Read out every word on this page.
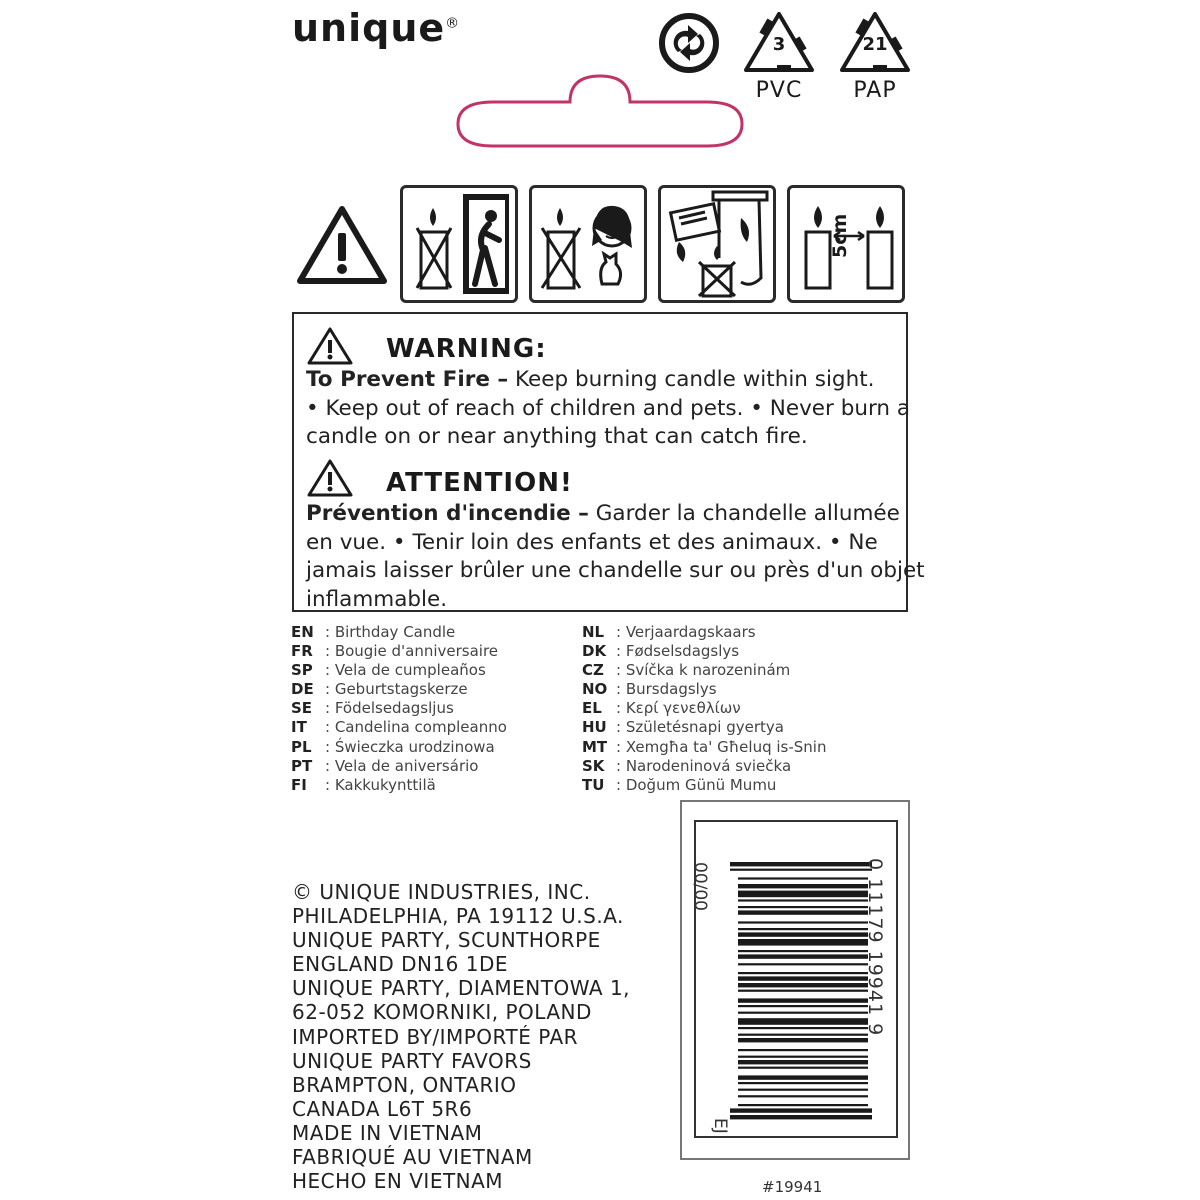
unique®
3
PVC
21
PAP
5cm
WARNING:
To Prevent Fire – Keep burning candle within sight.
• Keep out of reach of children and pets. • Never burn a
candle on or near anything that can catch fire.
ATTENTION!
Prévention d'incendie – Garder la chandelle allumée
en vue. • Tenir loin des enfants et des animaux. • Ne
jamais laisser brûler une chandelle sur ou près d'un objet
inflammable.
EN : Birthday Candle
FR : Bougie d'anniversaire
SP : Vela de cumpleaños
DE : Geburtstagskerze
SE : Födelsedagsljus
IT : Candelina compleanno
PL : Świeczka urodzinowa
PT : Vela de aniversário
FI : Kakkukynttilä
NL : Verjaardagskaars
DK : Fødselsdagslys
CZ : Svíčka k narozeninám
NO : Bursdagslys
EL : Κερί γενεθλίων
HU : Születésnapi gyertya
MT : Xemgħa ta' Għeluq is-Snin
SK : Narodeninová sviečka
TU : Doğum Günü Mumu
© UNIQUE INDUSTRIES, INC.
PHILADELPHIA, PA 19112 U.S.A.
UNIQUE PARTY, SCUNTHORPE
ENGLAND DN16 1DE
UNIQUE PARTY, DIAMENTOWA 1,
62-052 KOMORNIKI, POLAND
IMPORTED BY/IMPORTÉ PAR
UNIQUE PARTY FAVORS
BRAMPTON, ONTARIO
CANADA L6T 5R6
MADE IN VIETNAM
FABRIQUÉ AU VIETNAM
HECHO EN VIETNAM
00/00	0 11179 19941 9
EJ
#19941
